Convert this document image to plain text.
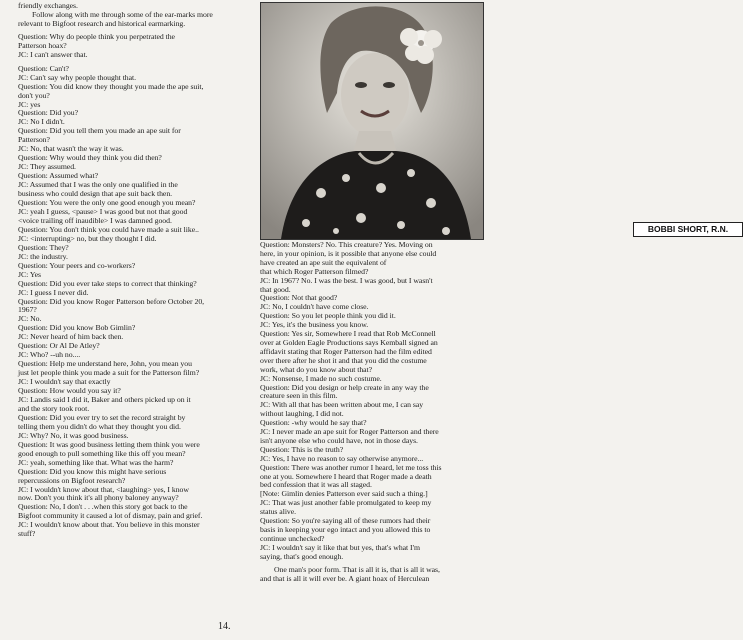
friendly exchanges.
Follow along with me through some of the ear-marks more
relevant to Bigfoot research and historical earmarking.
Question: Why do people think you perpetrated the
Patterson hoax?
JC: I can't answer that.
Question: Can't?
JC: Can't say why people thought that.
Question: You did know they thought you made the ape suit,
don't you?
JC: yes
Question: Did you?
JC: No I didn't.
Question: Did you tell them you made an ape suit for
Patterson?
JC: No, that wasn't the way it was.
Question: Why would they think you did then?
JC: They assumed.
Question: Assumed what?
JC: Assumed that I was the only one qualified in the
business who could design that ape suit back then.
Question: You were the only one good enough you mean?
JC: yeah I guess, <pause> I was good but not that good
<voice trailing off inaudible> I was damned good.
Question: You don't think you could have made a suit like..
JC: <interrupting> no, but they thought I did.
Question: They?
JC: the industry.
Question: Your peers and co-workers?
JC: Yes
Question: Did you ever take steps to correct that thinking?
JC: I guess I never did.
Question: Did you know Roger Patterson before October 20,
1967?
JC: No.
Question: Did you know Bob Gimlin?
JC: Never heard of him back then.
Question: Or Al De Atley?
JC: Who? --uh no....
Question: Help me understand here, John, you mean you
just let people think you made a suit for the Patterson film?
JC: I wouldn't say that exactly
Question: How would you say it?
JC: Landis said I did it, Baker and others picked up on it
and the story took root.
Question: Did you ever try to set the record straight by
telling them you didn't do what they thought you did.
JC: Why? No, it was good business.
Question: It was good business letting them think you were
good enough to pull something like this off you mean?
JC: yeah, something like that. What was the harm?
Question: Did you know this might have serious
repercussions on Bigfoot research?
JC: I wouldn't know about that, <laughing> yes, I know
now. Don't you think it's all phony baloney anyway?
Question: No, I don't . . .when this story got back to the
Bigfoot community it caused a lot of dismay, pain and grief.
JC: I wouldn't know about that. You believe in this monster
stuff?
BOBBI SHORT, R.N.
Question: Monsters? No. This creature? Yes. Moving on
here, in your opinion, is it possible that anyone else could
have created an ape suit the equivalent of
that which Roger Patterson filmed?
JC: In 1967? No. I was the best. I was good, but I wasn't
that good.
Question: Not that good?
JC: No, I couldn't have come close.
Question: So you let people think you did it.
JC: Yes, it's the business you know.
Question: Yes sir, Somewhere I read that Rob McConnell
over at Golden Eagle Productions says Kemball signed an
affidavit stating that Roger Patterson had the film edited
over there after he shot it and that you did the costume
work, what do you know about that?
JC: Nonsense, I made no such costume.
Question: Did you design or help create in any way the
creature seen in this film.
JC: With all that has been written about me, I can say
without laughing, I did not.
Question: -why would he say that?
JC: I never made an ape suit for Roger Patterson and there
isn't anyone else who could have, not in those days.
Question: This is the truth?
JC: Yes, I have no reason to say otherwise anymore...
Question: There was another rumor I heard, let me toss this
one at you. Somewhere I heard that Roger made a death
bed confession that it was all staged.
[Note: Gimlin denies Patterson ever said such a thing.]
JC: That was just another fable promulgated to keep my
status alive.
Question: So you're saying all of these rumors had their
basis in keeping your ego intact and you allowed this to
continue unchecked?
JC: I wouldn't say it like that but yes, that's what I'm
saying, that's good enough.
One man's poor form. That is all it is, that is all it was,
and that is all it will ever be. A giant hoax of Herculean
14.
